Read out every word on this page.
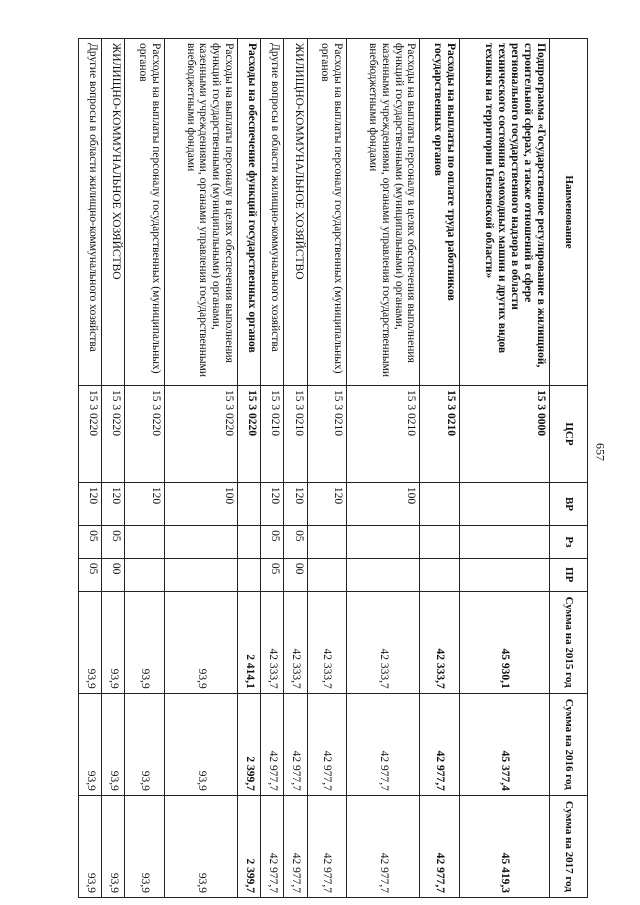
657
Наименование	ЦСР	ВР	Рз	ПР	Сумма на 2015 год	Сумма на 2016 год	Сумма на 2017 год
Подпрограмма «Государственное регулирование в жилищной, строительной сферах, а также отношений в сфере регионального государственного надзора в области технического состояния самоходных машин и других видов техники на территории Пензенской области»	15 3 0000				45 930,1	45 377,4	45 419,3
Расходы на выплаты по оплате труда работников государственных органов	15 3 0210				42 333,7	42 977,7	42 977,7
Расходы на выплаты персоналу в целях обеспечения выполнения функций государственными (муниципальными) органами, казенными учреждениями, органами управления государственными внебюджетными фондами	15 3 0210	100			42 333,7	42 977,7	42 977,7
Расходы на выплаты персоналу государственных (муниципальных) органов	15 3 0210	120			42 333,7	42 977,7	42 977,7
ЖИЛИЩНО-КОММУНАЛЬНОЕ ХОЗЯЙСТВО	15 3 0210	120	05	00	42 333,7	42 977,7	42 977,7
Другие вопросы в области жилищно-коммунального хозяйства	15 3 0210	120	05	05	42 333,7	42 977,7	42 977,7
Расходы на обеспечение функций государственных органов	15 3 0220				2 414,1	2 399,7	2 399,7
Расходы на выплаты персоналу в целях обеспечения выполнения функций государственными (муниципальными) органами, казенными учреждениями, органами управления государственными внебюджетными фондами	15 3 0220	100			93,9	93,9	93,9
Расходы на выплаты персоналу государственных (муниципальных) органов	15 3 0220	120			93,9	93,9	93,9
ЖИЛИЩНО-КОММУНАЛЬНОЕ ХОЗЯЙСТВО	15 3 0220	120	05	00	93,9	93,9	93,9
Другие вопросы в области жилищно-коммунального хозяйства	15 3 0220	120	05	05	93,9	93,9	93,9
